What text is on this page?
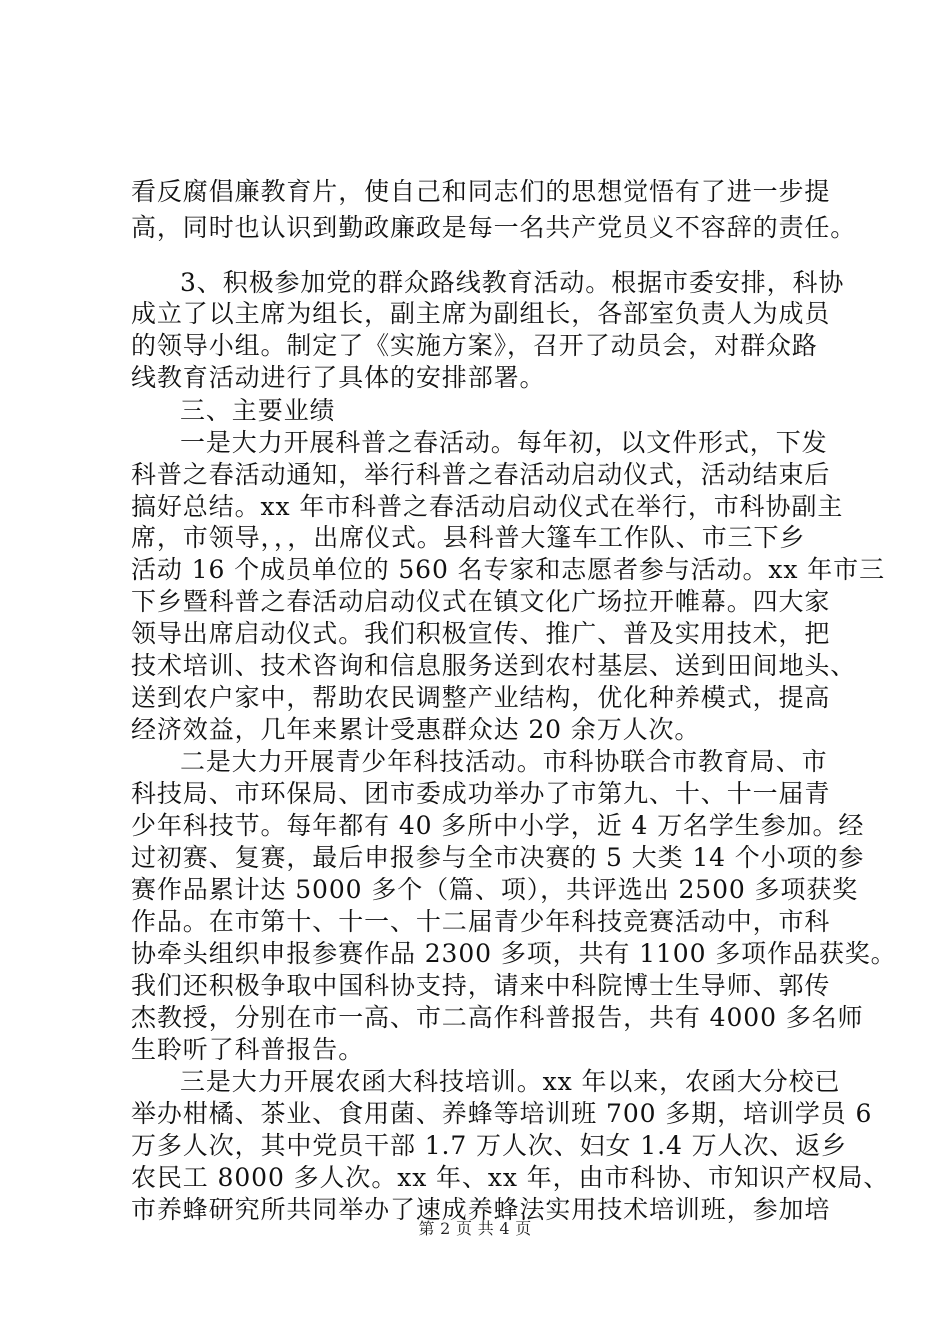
看反腐倡廉教育片，使自己和同志们的思想觉悟有了进一步提
高，同时也认识到勤政廉政是每一名共产党员义不容辞的责任。
3、积极参加党的群众路线教育活动。根据市委安排，科协
成立了以主席为组长，副主席为副组长，各部室负责人为成员
的领导小组。制定了《实施方案》，召开了动员会，对群众路
线教育活动进行了具体的安排部署。
三、主要业绩
一是大力开展科普之春活动。每年初，以文件形式，下发
科普之春活动通知，举行科普之春活动启动仪式，活动结束后
搞好总结。xx 年市科普之春活动启动仪式在举行，市科协副主
席，市领导，，，出席仪式。县科普大篷车工作队、市三下乡
活动 16 个成员单位的 560 名专家和志愿者参与活动。xx 年市三
下乡暨科普之春活动启动仪式在镇文化广场拉开帷幕。四大家
领导出席启动仪式。我们积极宣传、推广、普及实用技术，把
技术培训、技术咨询和信息服务送到农村基层、送到田间地头、
送到农户家中，帮助农民调整产业结构，优化种养模式，提高
经济效益，几年来累计受惠群众达 20 余万人次。
二是大力开展青少年科技活动。市科协联合市教育局、市
科技局、市环保局、团市委成功举办了市第九、十、十一届青
少年科技节。每年都有 40 多所中小学，近 4 万名学生参加。经
过初赛、复赛，最后申报参与全市决赛的 5 大类 14 个小项的参
赛作品累计达 5000 多个（篇、项），共评选出 2500 多项获奖
作品。在市第十、十一、十二届青少年科技竞赛活动中，市科
协牵头组织申报参赛作品 2300 多项，共有 1100 多项作品获奖。
我们还积极争取中国科协支持，请来中科院博士生导师、郭传
杰教授，分别在市一高、市二高作科普报告，共有 4000 多名师
生聆听了科普报告。
三是大力开展农函大科技培训。xx 年以来，农函大分校已
举办柑橘、茶业、食用菌、养蜂等培训班 700 多期，培训学员 6
万多人次，其中党员干部 1.7 万人次、妇女 1.4 万人次、返乡
农民工 8000 多人次。xx 年、xx 年，由市科协、市知识产权局、
市养蜂研究所共同举办了速成养蜂法实用技术培训班，参加培
第 2 页 共 4 页
